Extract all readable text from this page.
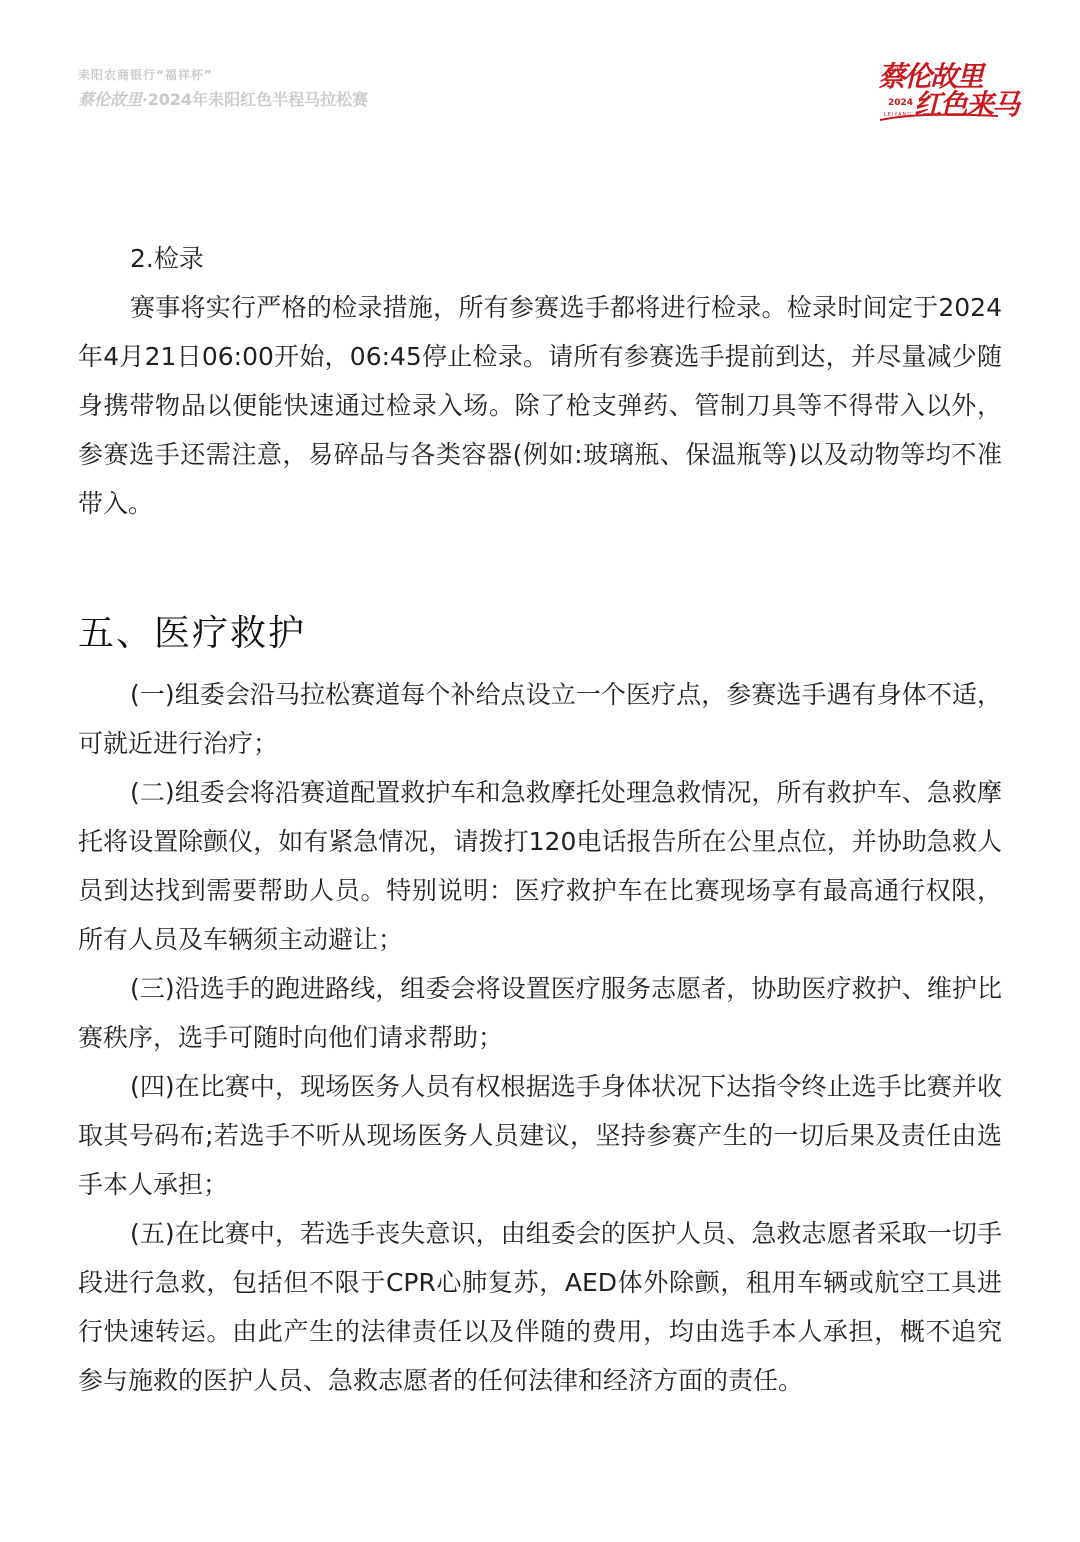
耒阳农商银行“福祥杯”
蔡伦故里·2024年耒阳红色半程马拉松赛
蔡伦故里
2024
LEIYANG 红色来马

2.检录

赛事将实行严格的检录措施，所有参赛选手都将进行检录。检录时间定于2024年4月21日06:00开始，06:45停止检录。请所有参赛选手提前到达，并尽量减少随身携带物品以便能快速通过检录入场。除了枪支弹药、管制刀具等不得带入以外，参赛选手还需注意，易碎品与各类容器(例如:玻璃瓶、保温瓶等)以及动物等均不准带入。

五、医疗救护

(一)组委会沿马拉松赛道每个补给点设立一个医疗点，参赛选手遇有身体不适，可就近进行治疗；

(二)组委会将沿赛道配置救护车和急救摩托处理急救情况，所有救护车、急救摩托将设置除颤仪，如有紧急情况，请拨打120电话报告所在公里点位，并协助急救人员到达找到需要帮助人员。特别说明：医疗救护车在比赛现场享有最高通行权限，所有人员及车辆须主动避让；

(三)沿选手的跑进路线，组委会将设置医疗服务志愿者，协助医疗救护、维护比赛秩序，选手可随时向他们请求帮助；

(四)在比赛中，现场医务人员有权根据选手身体状况下达指令终止选手比赛并收取其号码布;若选手不听从现场医务人员建议，坚持参赛产生的一切后果及责任由选手本人承担；

(五)在比赛中，若选手丧失意识，由组委会的医护人员、急救志愿者采取一切手段进行急救，包括但不限于CPR心肺复苏，AED体外除颤，租用车辆或航空工具进行快速转运。由此产生的法律责任以及伴随的费用，均由选手本人承担，概不追究参与施救的医护人员、急救志愿者的任何法律和经济方面的责任。
